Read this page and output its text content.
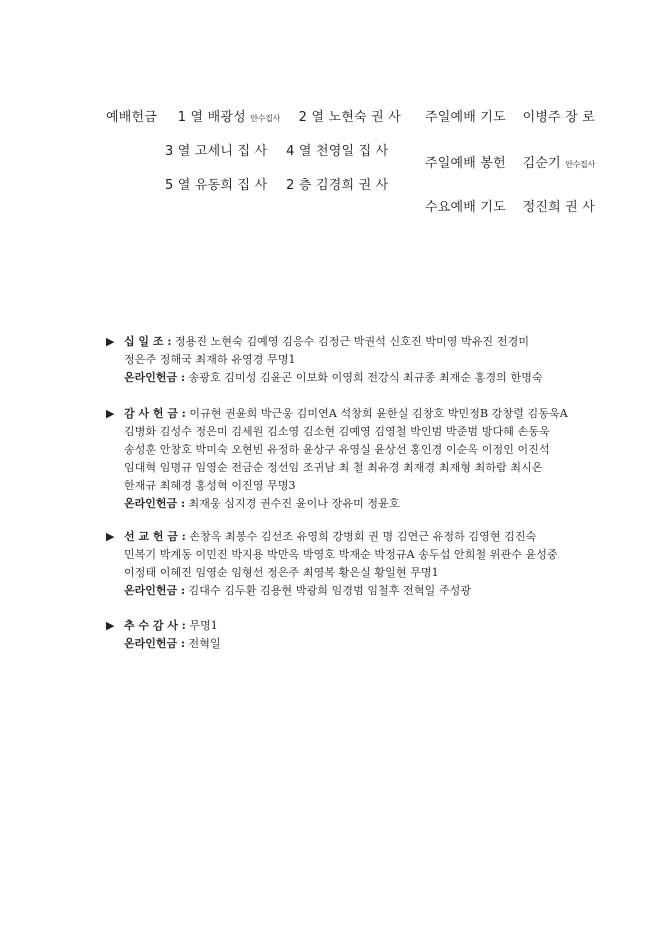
예배헌금 1 열 배광성 안수집사 2 열 노현숙 권 사
3 열 고세니 집 사 4 열 천영일 집 사
5 열 유동희 집 사 2 층 김경희 권 사
주일예배 기도 이병주 장 로
주일예배 봉헌 김순기 안수집사
수요예배 기도 정진희 권 사
▶ 십 일 조 : 정용진 노현숙 김예영 김응수 김정근 박권석 신호진 박미영 박유진 전경미
정은주 정해국 최재하 유영경 무명1
온라인헌금 : 송광호 김미성 김윤곤 이보화 이영희 전강식 최규종 최재순 홍경의 한명숙
▶ 감 사 헌 금 : 이규현 권윤희 박근웅 김미연A 석창희 윤한실 김창호 박민정B 강창렬 김동욱A
김병화 김성수 정은미 김세원 김소영 김소현 김예영 김영철 박인범 박준범 방다혜 손동욱
송성훈 안창호 박미숙 오현빈 유정하 윤상구 유영실 윤상선 홍인경 이순옥 이정인 이진석
임대혁 임명규 임영순 전금순 정선임 조귀남 최 철 최유경 최재경 최재형 최하람 최시온
한재규 최혜경 홍성혁 이진영 무명3
온라인헌금 : 최재웅 심지경 권수진 윤이나 장유미 정윤호
▶ 선 교 헌 금 : 손창옥 최봉수 김선조 유영희 강병회 권 명 김연근 유정하 김영현 김진숙
민복기 박계동 이민진 박지용 박만옥 박영호 박재순 박정규A 송두섭 안희철 위관수 윤성중
이정태 이혜진 임영순 임형선 정은주 최영복 황은실 황일현 무명1
온라인헌금 : 김대수 김두환 김용현 박광희 임경범 임철후 전혁일 주성광
▶ 추 수 감 사 : 무명1
온라인헌금 : 전혁일
